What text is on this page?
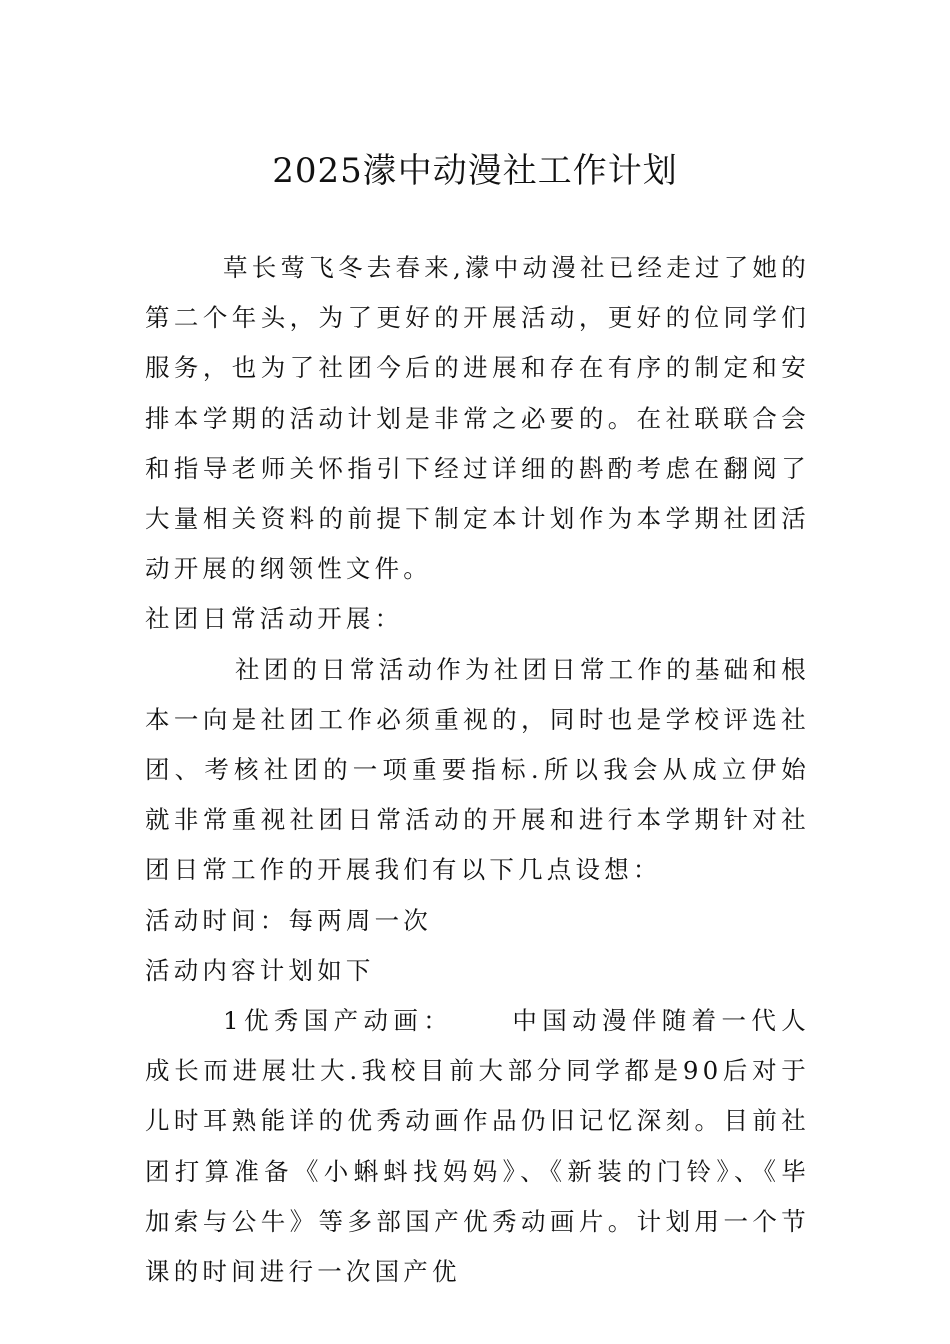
2025濛中动漫社工作计划

草长莺飞冬去春来,濛中动漫社已经走过了她的第二个年头，为了更好的开展活动，更好的位同学们服务，也为了社团今后的进展和存在有序的制定和安排本学期的活动计划是非常之必要的。在社联联合会和指导老师关怀指引下经过详细的斟酌考虑在翻阅了大量相关资料的前提下制定本计划作为本学期社团活动开展的纲领性文件。

社团日常活动开展：

社团的日常活动作为社团日常工作的基础和根本一向是社团工作必须重视的，同时也是学校评选社团、考核社团的一项重要指标.所以我会从成立伊始就非常重视社团日常活动的开展和进行本学期针对社团日常工作的开展我们有以下几点设想：

活动时间：每两周一次

活动内容计划如下

1优秀国产动画： 中国动漫伴随着一代人成长而进展壮大.我校目前大部分同学都是90后对于儿时耳熟能详的优秀动画作品仍旧记忆深刻。目前社团打算准备《小蝌蚪找妈妈》、《新装的门铃》、《毕加索与公牛》等多部国产优秀动画片。计划用一个节课的时间进行一次国产优
